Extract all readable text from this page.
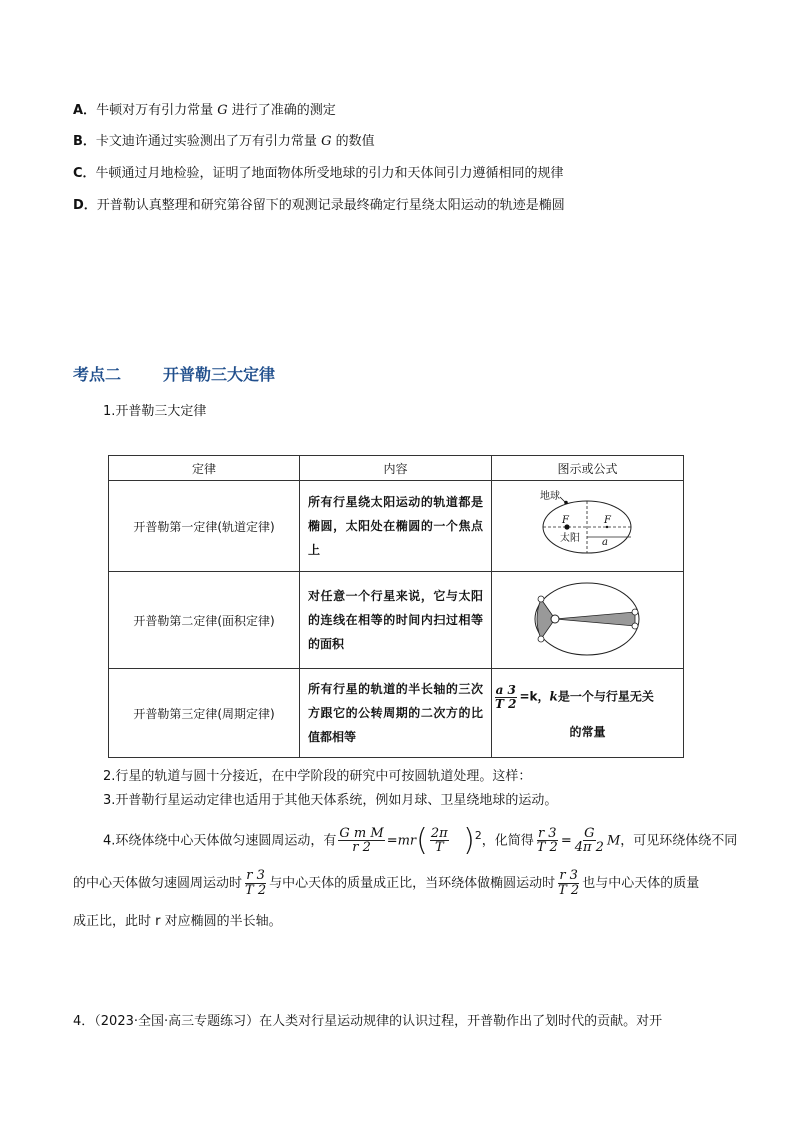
A．牛顿对万有引力常量 G 进行了准确的测定
B．卡文迪许通过实验测出了万有引力常量 G 的数值
C．牛顿通过月地检验，证明了地面物体所受地球的引力和天体间引力遵循相同的规律
D．开普勒认真整理和研究第谷留下的观测记录最终确定行星绕太阳运动的轨迹是椭圆
考点二	开普勒三大定律
1.开普勒三大定律
定律	内容	图示或公式
开普勒第一定律(轨道定律)	所有行星绕太阳运动的轨道都是椭圆，太阳处在椭圆的一个焦点上	地球
F F
太阳 a

开普勒第二定律(面积定律)	对任意一个行星来说，它与太阳的连线在相等的时间内扫过相等的面积	
开普勒第三定律(周期定律)	所有行星的轨道的半长轴的三次方跟它的公转周期的二次方的比值都相等	$\frac{a 3}{T 2} =k$，k是一个与行星无关
的常量
2.行星的轨道与圆十分接近，在中学阶段的研究中可按圆轨道处理。这样：
3.开普勒行星运动定律也适用于其他天体系统，例如月球、卫星绕地球的运动。
4.环绕体绕中心天体做匀速圆周运动，有 $\frac{\text{G m M}}{r 2} =mr( \frac{2\pi}{T} )^2$，化简得 $\frac{r 3}{T 2} = \frac{G}{4\pi 2}$ M，可见环绕体绕不同
的中心天体做匀速圆周运动时 $\frac{r 3}{T 2}$ 与中心天体的质量成正比，当环绕体做椭圆运动时 $\frac{r 3}{T 2}$ 也与中心天体的质量
成正比，此时 r 对应椭圆的半长轴。
4．（2023·全国·高三专题练习）在人类对行星运动规律的认识过程，开普勒作出了划时代的贡献。对开
